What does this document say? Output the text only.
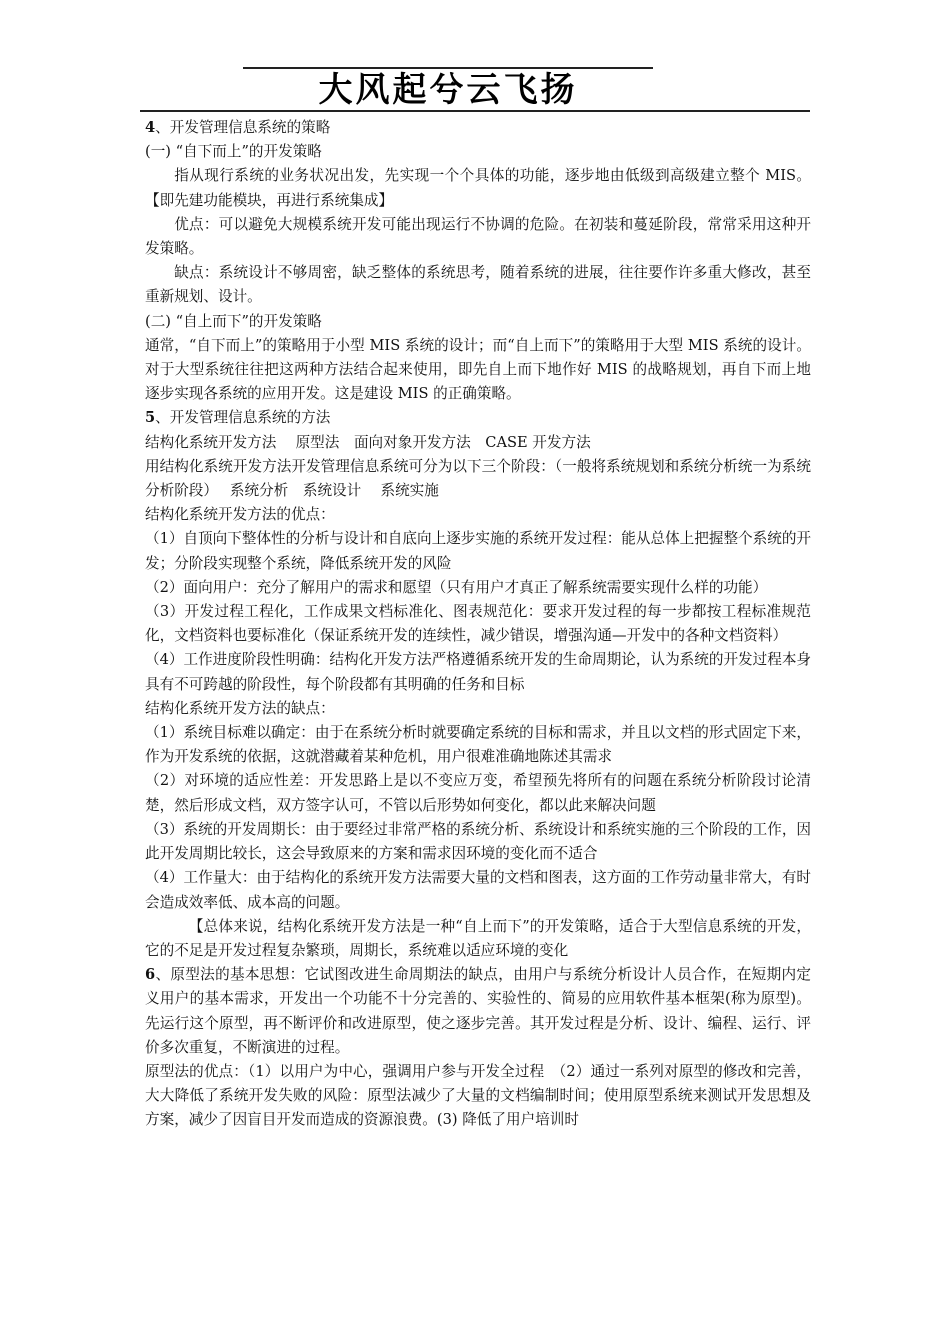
大风起兮云飞扬

4、开发管理信息系统的策略

(一) “自下而上”的开发策略

指从现行系统的业务状况出发，先实现一个个具体的功能，逐步地由低级到高级建立整个 MIS。【即先建功能模块，再进行系统集成】

优点：可以避免大规模系统开发可能出现运行不协调的危险。在初装和蔓延阶段，常常采用这种开发策略。

缺点：系统设计不够周密，缺乏整体的系统思考，随着系统的进展，往往要作许多重大修改，甚至重新规划、设计。

(二) “自上而下”的开发策略

通常，“自下而上”的策略用于小型 MIS 系统的设计；而“自上而下”的策略用于大型 MIS 系统的设计。对于大型系统往往把这两种方法结合起来使用，即先自上而下地作好 MIS 的战略规划，再自下而上地逐步实现各系统的应用开发。这是建设 MIS 的正确策略。

5、开发管理信息系统的方法

结构化系统开发方法　 原型法　面向对象开发方法　CASE 开发方法

用结构化系统开发方法开发管理信息系统可分为以下三个阶段：（一般将系统规划和系统分析统一为系统分析阶段）　 系统分析　系统设计　 系统实施

结构化系统开发方法的优点：

（1）自顶向下整体性的分析与设计和自底向上逐步实施的系统开发过程：能从总体上把握整个系统的开发；分阶段实现整个系统，降低系统开发的风险

（2）面向用户：充分了解用户的需求和愿望（只有用户才真正了解系统需要实现什么样的功能）

（3）开发过程工程化，工作成果文档标准化、图表规范化：要求开发过程的每一步都按工程标准规范化，文档资料也要标准化（保证系统开发的连续性，减少错误，增强沟通—开发中的各种文档资料）

（4）工作进度阶段性明确：结构化开发方法严格遵循系统开发的生命周期论，认为系统的开发过程本身具有不可跨越的阶段性，每个阶段都有其明确的任务和目标

结构化系统开发方法的缺点：

（1）系统目标难以确定：由于在系统分析时就要确定系统的目标和需求，并且以文档的形式固定下来，作为开发系统的依据，这就潜藏着某种危机，用户很难准确地陈述其需求

（2）对环境的适应性差：开发思路上是以不变应万变，希望预先将所有的问题在系统分析阶段讨论清楚，然后形成文档，双方签字认可，不管以后形势如何变化，都以此来解决问题

（3）系统的开发周期长：由于要经过非常严格的系统分析、系统设计和系统实施的三个阶段的工作，因此开发周期比较长，这会导致原来的方案和需求因环境的变化而不适合

（4）工作量大：由于结构化的系统开发方法需要大量的文档和图表，这方面的工作劳动量非常大，有时会造成效率低、成本高的问题。

【总体来说，结构化系统开发方法是一种“自上而下”的开发策略，适合于大型信息系统的开发，它的不足是开发过程复杂繁琐，周期长，系统难以适应环境的变化

6、原型法的基本思想：它试图改进生命周期法的缺点，由用户与系统分析设计人员合作，在短期内定义用户的基本需求，开发出一个功能不十分完善的、实验性的、简易的应用软件基本框架(称为原型)。先运行这个原型，再不断评价和改进原型，使之逐步完善。其开发过程是分析、设计、编程、运行、评价多次重复，不断演进的过程。

原型法的优点：（1）以用户为中心，强调用户参与开发全过程　（2）通过一系列对原型的修改和完善，大大降低了系统开发失败的风险：原型法减少了大量的文档编制时间；使用原型系统来测试开发思想及方案，减少了因盲目开发而造成的资源浪费。(3) 降低了用户培训时
